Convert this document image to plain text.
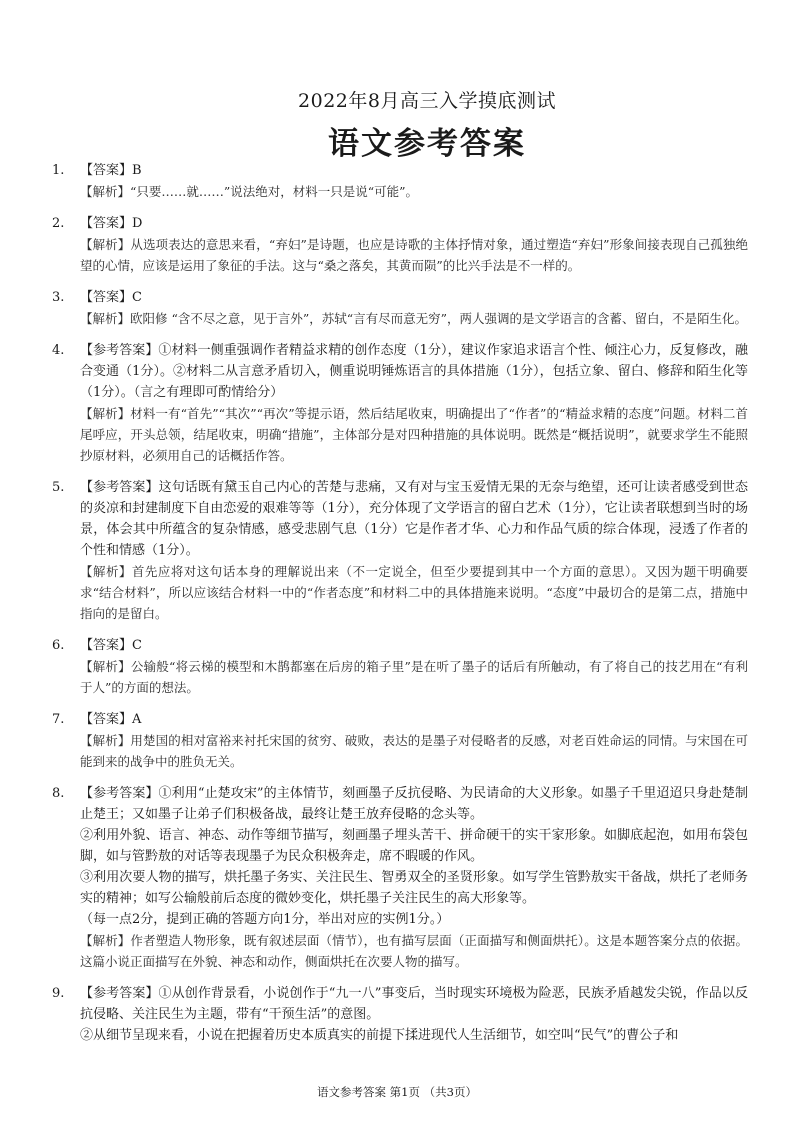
2022年8月高三入学摸底测试
语文参考答案
1.	【答案】B
【解析】“只要……就……”说法绝对，材料一只是说“可能”。
2.	【答案】D
【解析】从选项表达的意思来看，“弃妇”是诗题，也应是诗歌的主体抒情对象，通过塑造“弃妇”形象间接表现自己孤独绝望的心情，应该是运用了象征的手法。这与“桑之落矣，其黄而陨”的比兴手法是不一样的。
3.	【答案】C
【解析】欧阳修 “含不尽之意，见于言外”，苏轼“言有尽而意无穷”，两人强调的是文学语言的含蓄、留白，不是陌生化。
4.	【参考答案】①材料一侧重强调作者精益求精的创作态度（1分），建议作家追求语言个性、倾注心力，反复修改，融合变通（1分）。②材料二从言意矛盾切入，侧重说明锤炼语言的具体措施（1分），包括立象、留白、修辞和陌生化等（1分）。（言之有理即可酌情给分）
【解析】材料一有“首先”“其次”“再次”等提示语，然后结尾收束，明确提出了“作者”的“精益求精的态度”问题。材料二首尾呼应，开头总领，结尾收束，明确“措施”，主体部分是对四种措施的具体说明。既然是“概括说明”，就要求学生不能照抄原材料，必须用自己的话概括作答。
5.	【参考答案】这句话既有黛玉自己内心的苦楚与悲痛，又有对与宝玉爱情无果的无奈与绝望，还可让读者感受到世态的炎凉和封建制度下自由恋爱的艰难等等（1分），充分体现了文学语言的留白艺术（1分），它让读者联想到当时的场景，体会其中所蕴含的复杂情感，感受悲剧气息（1分）它是作者才华、心力和作品气质的综合体现，浸透了作者的个性和情感（1分）。
【解析】首先应将对这句话本身的理解说出来（不一定说全，但至少要提到其中一个方面的意思）。又因为题干明确要求“结合材料”，所以应该结合材料一中的“作者态度”和材料二中的具体措施来说明。“态度”中最切合的是第二点，措施中指向的是留白。
6.	【答案】C
【解析】公输般“将云梯的模型和木鹊都塞在后房的箱子里”是在听了墨子的话后有所触动，有了将自己的技艺用在“有利于人”的方面的想法。
7.	【答案】A
【解析】用楚国的相对富裕来衬托宋国的贫穷、破败，表达的是墨子对侵略者的反感，对老百姓命运的同情。与宋国在可能到来的战争中的胜负无关。
8.	【参考答案】①利用“止楚攻宋”的主体情节，刻画墨子反抗侵略、为民请命的大义形象。如墨子千里迢迢只身赴楚制止楚王；又如墨子让弟子们积极备战，最终让楚王放弃侵略的念头等。
②利用外貌、语言、神态、动作等细节描写，刻画墨子埋头苦干、拼命硬干的实干家形象。如脚底起泡，如用布袋包脚，如与管黔敖的对话等表现墨子为民众积极奔走，席不暇暖的作风。
③利用次要人物的描写，烘托墨子务实、关注民生、智勇双全的圣贤形象。如写学生管黔敖实干备战，烘托了老师务实的精神；如写公输般前后态度的微妙变化，烘托墨子关注民生的高大形象等。
（每一点2分，提到正确的答题方向1分，举出对应的实例1分。）
【解析】作者塑造人物形象，既有叙述层面（情节），也有描写层面（正面描写和侧面烘托）。这是本题答案分点的依据。这篇小说正面描写在外貌、神态和动作，侧面烘托在次要人物的描写。
9.	【参考答案】①从创作背景看，小说创作于“九一八”事变后，当时现实环境极为险恶，民族矛盾越发尖锐，作品以反抗侵略、关注民生为主题，带有“干预生活”的意图。
②从细节呈现来看，小说在把握着历史本质真实的前提下揉进现代人生活细节，如空叫“民气”的曹公子和
语文参考答案 第1页 （共3页）
